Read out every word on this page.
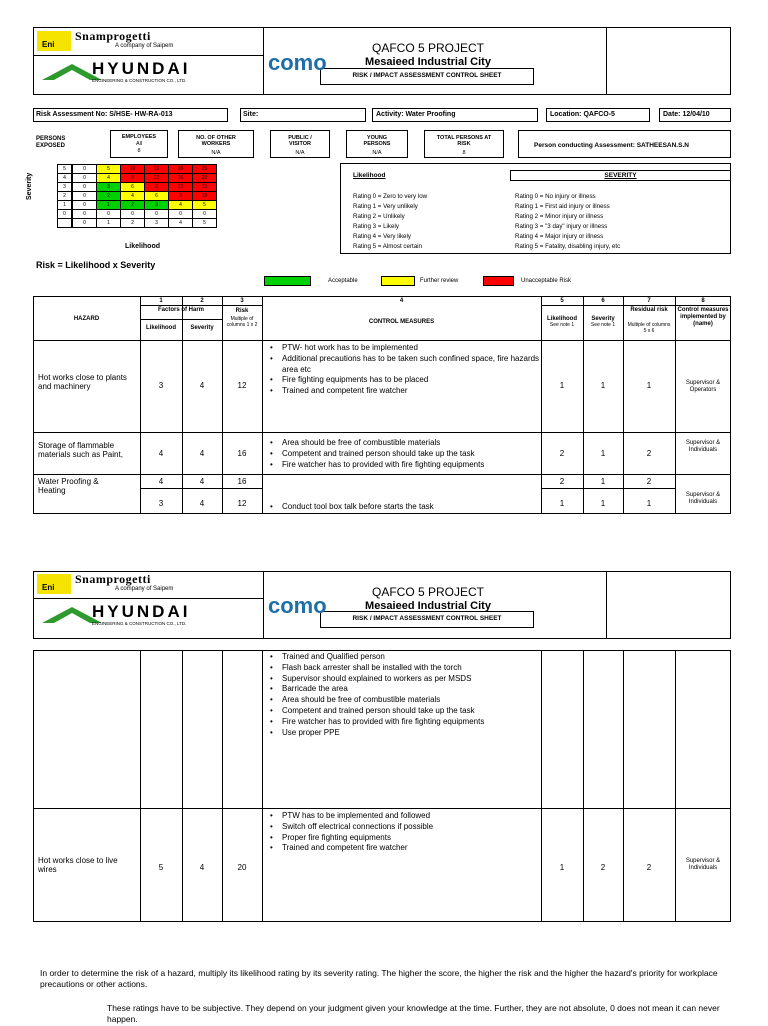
Eni
Snamprogetti
A company of Saipem
HYUNDAI
ENGINEERING & CONSTRUCTION CO., LTD.
como
QAFCO 5 PROJECT
Mesaieed Industrial City
RISK / IMPACT ASSESSMENT CONTROL SHEET
Risk Assessment No: S/HSE- HW-RA-013	Site:	Activity: Water Proofing	Location: QAFCO-5	Date: 12/04/10
PERSONS EXPOSED
EMPLOYEES
All
8
NO. OF OTHER WORKERS
N/A
PUBLIC / VISITOR
N/A
YOUNG PERSONS
N/A
TOTAL PERSONS AT RISK
8
Person conducting Assessment: SATHEESAN.S.N
Severity
5	0	5	10	15	20	25
4	0	4	8	12	16	20
3	0	3	6	9	12	15
2	0	2	4	6	8	10
1	0	1	2	3	4	5
0	0	0	0	0	0	0
0	1	2	3	4	5
Likelihood
Risk = Likelihood x Severity
Likelihood	SEVERITY
Rating 0 = Zero to very low
Rating 1 = Very unlikely
Rating 2 = Unlikely
Rating 3 = Likely
Rating 4 = Very likely
Rating 5 = Almost certain
Rating 0 = No injury or illness
Rating 1 = First aid injury or illness
Rating 2 = Minor injury or illness
Rating 3 = "3 day" injury or illness
Rating 4 = Major injury or illness
Rating 5 = Fatality, disabling injury, etc
Acceptable	Further review	Unacceptable Risk
1	2	3	4	5	6	7	8
HAZARD
Factors of Harm
Likelihood	Severity
Risk
Multiple of columns 1 x 2	CONTROL MEASURES	Likelihood
See note 1
Severity
See note 1
Residual risk
Multiple of columns 5 x 6
Control measures implemented by (name)
Hot works close to plants and machinery	3	4	12
• PTW- hot work has to be implemented
• Additional precautions has to be taken such confined space, fire hazards area etc
• Fire fighting equipments has to be placed
• Trained and competent fire watcher
1	1	1	Supervisor & Operators
Storage of flammable materials such as Paint,	4	4	16
• Area should be free of combustible materials
• Competent and trained person should take up the task
• Fire watcher has to provided with fire fighting equipments
2	1	2
Supervisor & Individuals
Water Proofing & Heating
4	4	16
3	4	12
•	Conduct tool box talk before starts the task
2	1	2
1	1	1
Supervisor & Individuals
Eni
Snamprogetti
A company of Saipem
HYUNDAI
ENGINEERING & CONSTRUCTION CO., LTD.
como
QAFCO 5 PROJECT
Mesaieed Industrial City
RISK / IMPACT ASSESSMENT CONTROL SHEET
• Trained and Qualified person
• Flash back arrester shall be installed with the torch
• Supervisor should explained to workers as per MSDS
• Barricade the area
• Area should be free of combustible materials
• Competent and trained person should take up the task
• Fire watcher has to provided with fire fighting equipments
• Use proper PPE
Hot works close to live wires	5	4	20
• PTW has to be implemented and followed
• Switch off electrical connections if possible
• Proper fire fighting equipments
• Trained and competent fire watcher
1	2	2
Supervisor & Individuals
In order to determine the risk of a hazard, multiply its likelihood rating by its severity rating. The higher the score, the higher the risk and the higher the hazard's priority for workplace precautions or other actions.
These ratings have to be subjective. They depend on your judgment given your knowledge at the time. Further, they are not absolute, 0 does not mean it can never happen.
